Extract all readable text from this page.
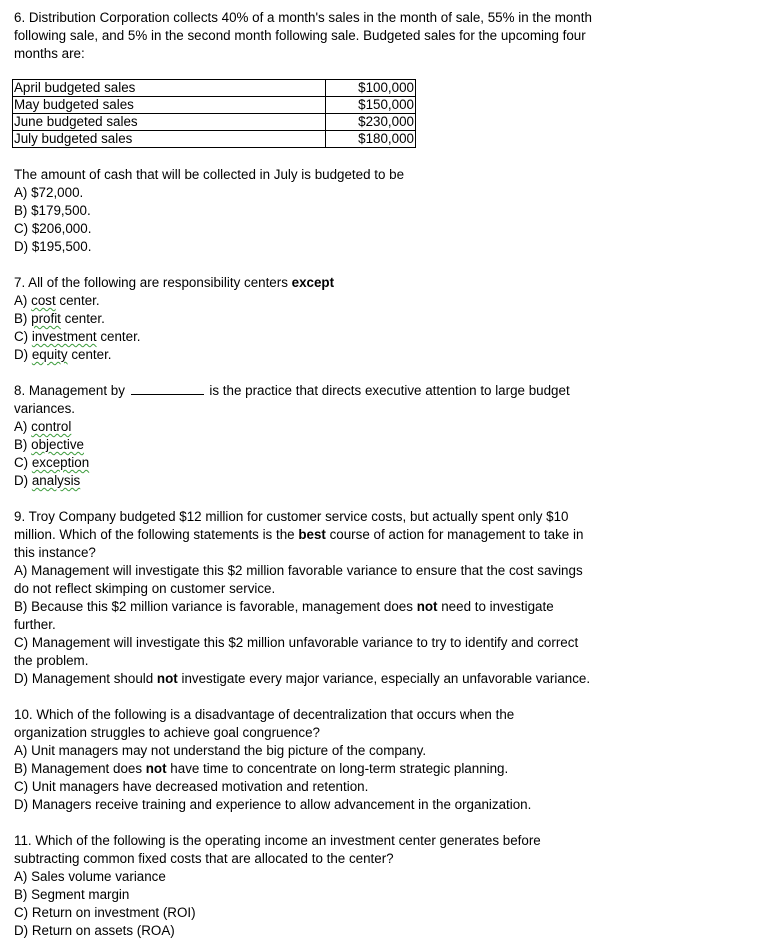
6. Distribution Corporation collects 40% of a month's sales in the month of sale, 55% in the month
following sale, and 5% in the second month following sale. Budgeted sales for the upcoming four
months are:
April budgeted sales	$100,000
May budgeted sales	$150,000
June budgeted sales	$230,000
July budgeted sales	$180,000
The amount of cash that will be collected in July is budgeted to be
A) $72,000.
B) $179,500.
C) $206,000.
D) $195,500.
7. All of the following are responsibility centers except
A) cost center.
B) profit center.
C) investment center.
D) equity center.
8. Management by	is the practice that directs executive attention to large budget
variances.
A) control
B) objective
C) exception
D) analysis
9. Troy Company budgeted $12 million for customer service costs, but actually spent only $10
million. Which of the following statements is the best course of action for management to take in
this instance?
A) Management will investigate this $2 million favorable variance to ensure that the cost savings
do not reflect skimping on customer service.
B) Because this $2 million variance is favorable, management does not need to investigate
further.
C) Management will investigate this $2 million unfavorable variance to try to identify and correct
the problem.
D) Management should not investigate every major variance, especially an unfavorable variance.
10. Which of the following is a disadvantage of decentralization that occurs when the
organization struggles to achieve goal congruence?
A) Unit managers may not understand the big picture of the company.
B) Management does not have time to concentrate on long-term strategic planning.
C) Unit managers have decreased motivation and retention.
D) Managers receive training and experience to allow advancement in the organization.
11. Which of the following is the operating income an investment center generates before
subtracting common fixed costs that are allocated to the center?
A) Sales volume variance
B) Segment margin
C) Return on investment (ROI)
D) Return on assets (ROA)
